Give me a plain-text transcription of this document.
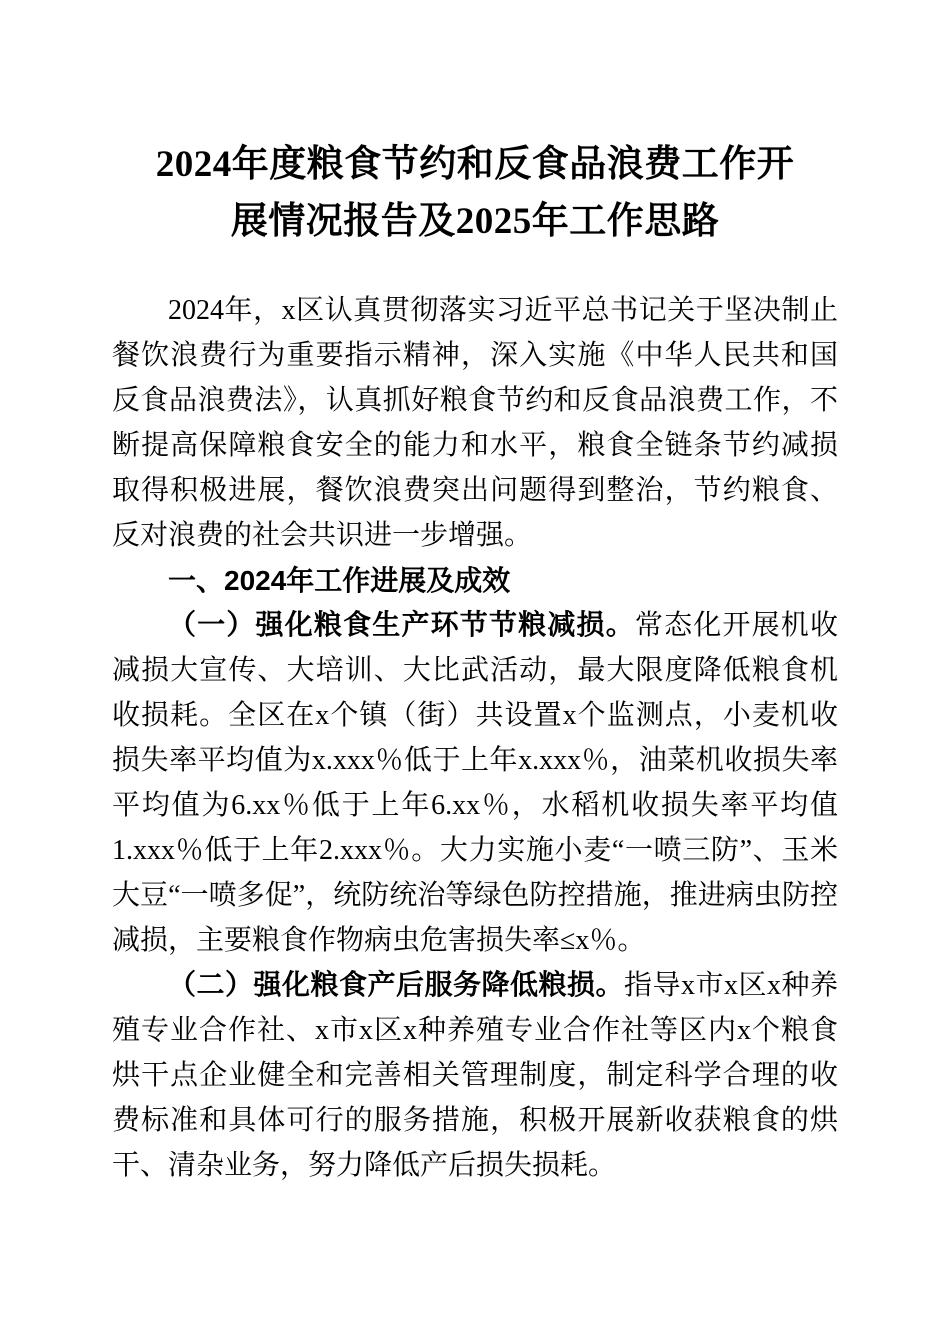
2024年度粮食节约和反食品浪费工作开展情况报告及2025年工作思路

2024年，x区认真贯彻落实习近平总书记关于坚决制止餐饮浪费行为重要指示精神，深入实施《中华人民共和国反食品浪费法》，认真抓好粮食节约和反食品浪费工作，不断提高保障粮食安全的能力和水平，粮食全链条节约减损取得积极进展，餐饮浪费突出问题得到整治，节约粮食、反对浪费的社会共识进一步增强。

一、2024年工作进展及成效

（一）强化粮食生产环节节粮减损。常态化开展机收减损大宣传、大培训、大比武活动，最大限度降低粮食机收损耗。全区在x个镇（街）共设置x个监测点，小麦机收损失率平均值为x.xxx％低于上年x.xxx％，油菜机收损失率平均值为6.xx％低于上年6.xx％，水稻机收损失率平均值1.xxx％低于上年2.xxx％。大力实施小麦“一喷三防”、玉米大豆“一喷多促”，统防统治等绿色防控措施，推进病虫防控减损，主要粮食作物病虫危害损失率≤x％。

（二）强化粮食产后服务降低粮损。指导x市x区x种养殖专业合作社、x市x区x种养殖专业合作社等区内x个粮食烘干点企业健全和完善相关管理制度，制定科学合理的收费标准和具体可行的服务措施，积极开展新收获粮食的烘干、清杂业务，努力降低产后损失损耗。
